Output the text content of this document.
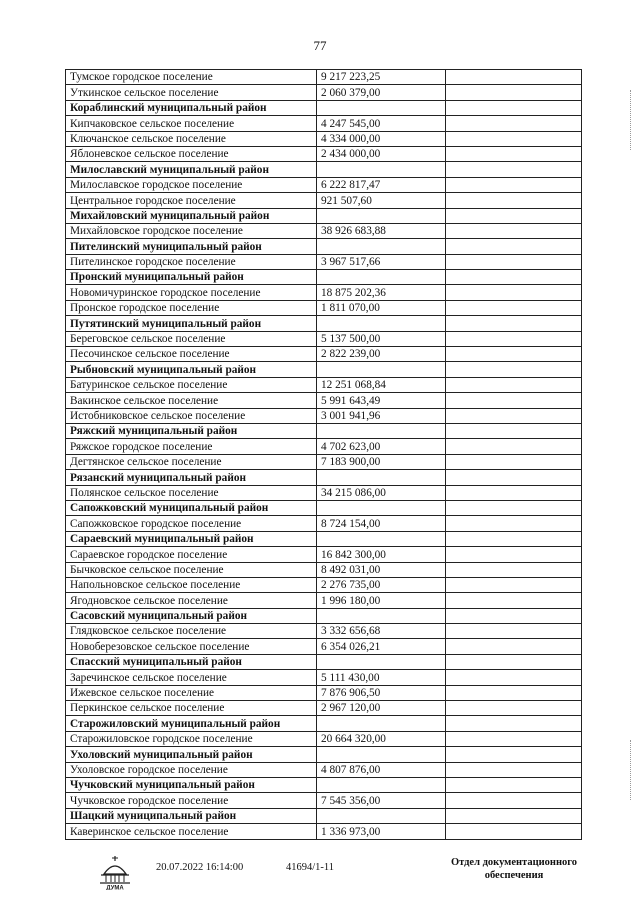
77
Тумское городское поселение	9 217 223,25	
Уткинское сельское поселение	2 060 379,00	
Кораблинский муниципальный район		
Кипчаковское сельское поселение	4 247 545,00	
Ключанское сельское поселение	4 334 000,00	
Яблоневское сельское поселение	2 434 000,00	
Милославский муниципальный район		
Милославское городское поселение	6 222 817,47	
Центральное городское поселение	921 507,60	
Михайловский муниципальный район		
Михайловское городское поселение	38 926 683,88	
Пителинский муниципальный район		
Пителинское городское поселение	3 967 517,66	
Пронский муниципальный район		
Новомичуринское городское поселение	18 875 202,36	
Пронское городское поселение	1 811 070,00	
Путятинский муниципальный район		
Береговское сельское поселение	5 137 500,00	
Песочинское сельское поселение	2 822 239,00	
Рыбновский муниципальный район		
Батуринское сельское поселение	12 251 068,84	
Вакинское сельское поселение	5 991 643,49	
Истобниковское сельское поселение	3 001 941,96	
Ряжский муниципальный район		
Ряжское городское поселение	4 702 623,00	
Дегтянское сельское поселение	7 183 900,00	
Рязанский муниципальный район		
Полянское сельское поселение	34 215 086,00	
Сапожковский муниципальный район		
Сапожковское городское поселение	8 724 154,00	
Сараевский муниципальный район		
Сараевское городское поселение	16 842 300,00	
Бычковское сельское поселение	8 492 031,00	
Напольновское сельское поселение	2 276 735,00	
Ягодновское сельское поселение	1 996 180,00	
Сасовский муниципальный район		
Глядковское сельское поселение	3 332 656,68	
Новоберезовское сельское поселение	6 354 026,21	
Спасский муниципальный район		
Заречинское сельское поселение	5 111 430,00	
Ижевское сельское поселение	7 876 906,50	
Перкинское сельское поселение	2 967 120,00	
Старожиловский муниципальный район		
Старожиловское городское поселение	20 664 320,00	
Ухоловский муниципальный район		
Ухоловское городское поселение	4 807 876,00	
Чучковский муниципальный район		
Чучковское городское поселение	7 545 356,00	
Шацкий муниципальный район		
Каверинское сельское поселение	1 336 973,00	
ДУМА
20.07.2022 16:14:00	41694/1-11	Отдел документационного
обеспечения
